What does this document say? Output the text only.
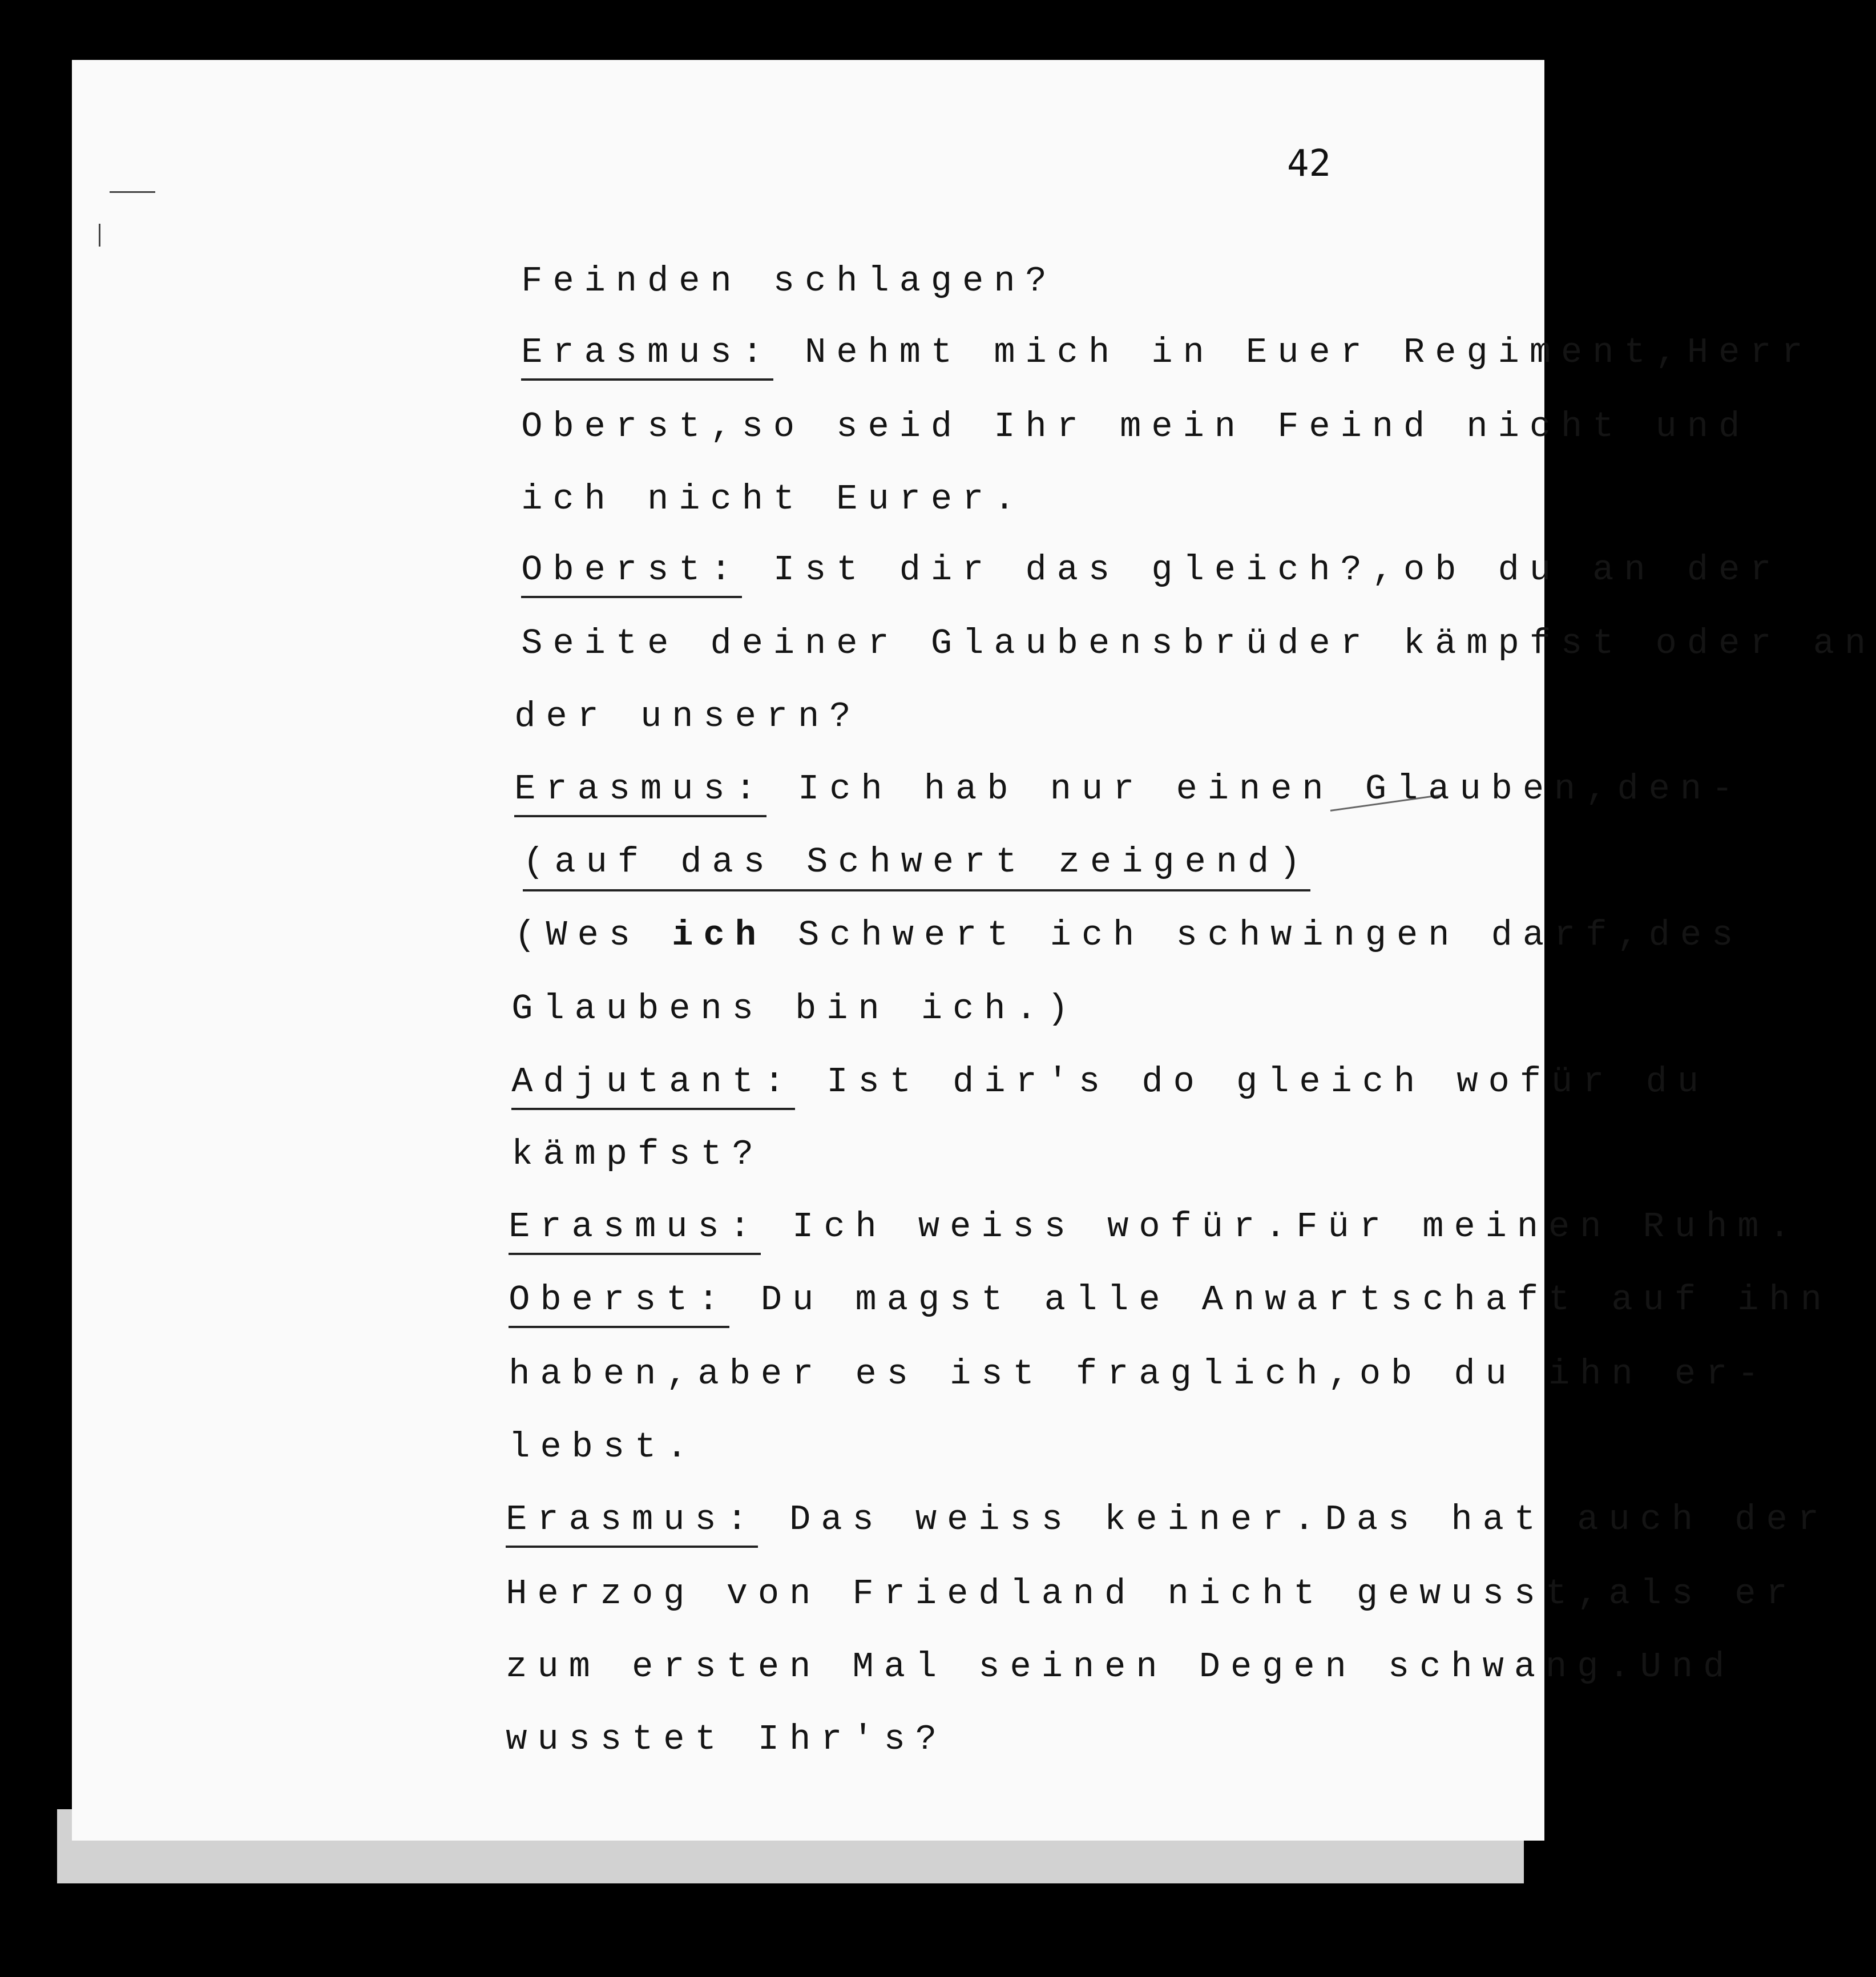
42

Feinden schlagen?

Erasmus: Nehmt mich in Euer Regiment,Herr

Oberst,so seid Ihr mein Feind nicht und

ich nicht Eurer.

Oberst: Ist dir das gleich?,ob du an der

Seite deiner Glaubensbrüder kämpfst oder an

der unsern?

Erasmus: Ich hab nur einen Glauben,den-

(auf das Schwert zeigend)

(Wes ich Schwert ich schwingen darf,des

Glaubens bin ich.)

Adjutant: Ist dir's do gleich wofür du

kämpfst?

Erasmus: Ich weiss wofür.Für meinen Ruhm.

Oberst: Du magst alle Anwartschaft auf ihn

haben,aber es ist fraglich,ob du ihn er-

lebst.

Erasmus: Das weiss keiner.Das hat auch der

Herzog von Friedland nicht gewusst,als er

zum ersten Mal seinen Degen schwang.Und

wusstet Ihr's?
